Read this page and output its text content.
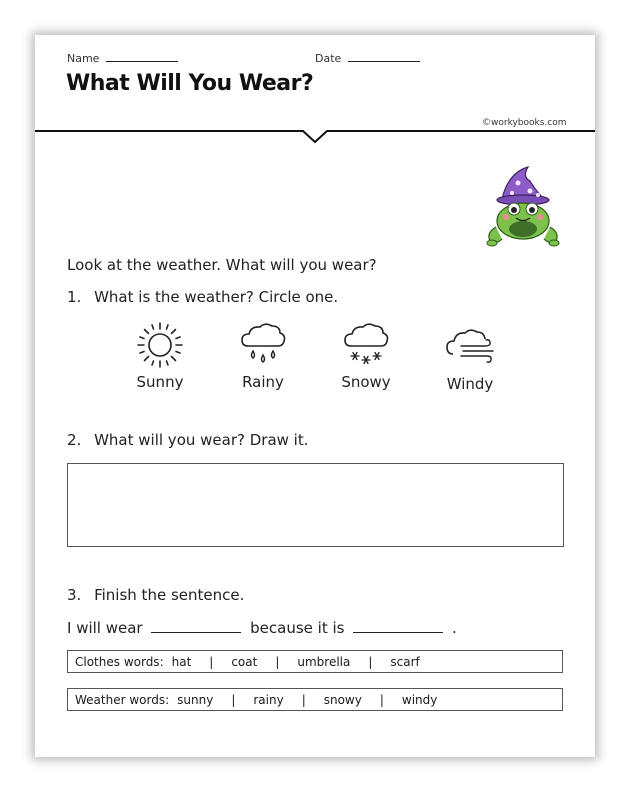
Name	Date
What Will You Wear?
©workybooks.com
Look at the weather. What will you wear?
1. What is the weather? Circle one.
Sunny	Rainy	Snowy	Windy
2. What will you wear? Draw it.
3. Finish the sentence.
I will wear	because it is	.
Clothes words: hat | coat | umbrella | scarf
Weather words: sunny | rainy | snowy | windy
